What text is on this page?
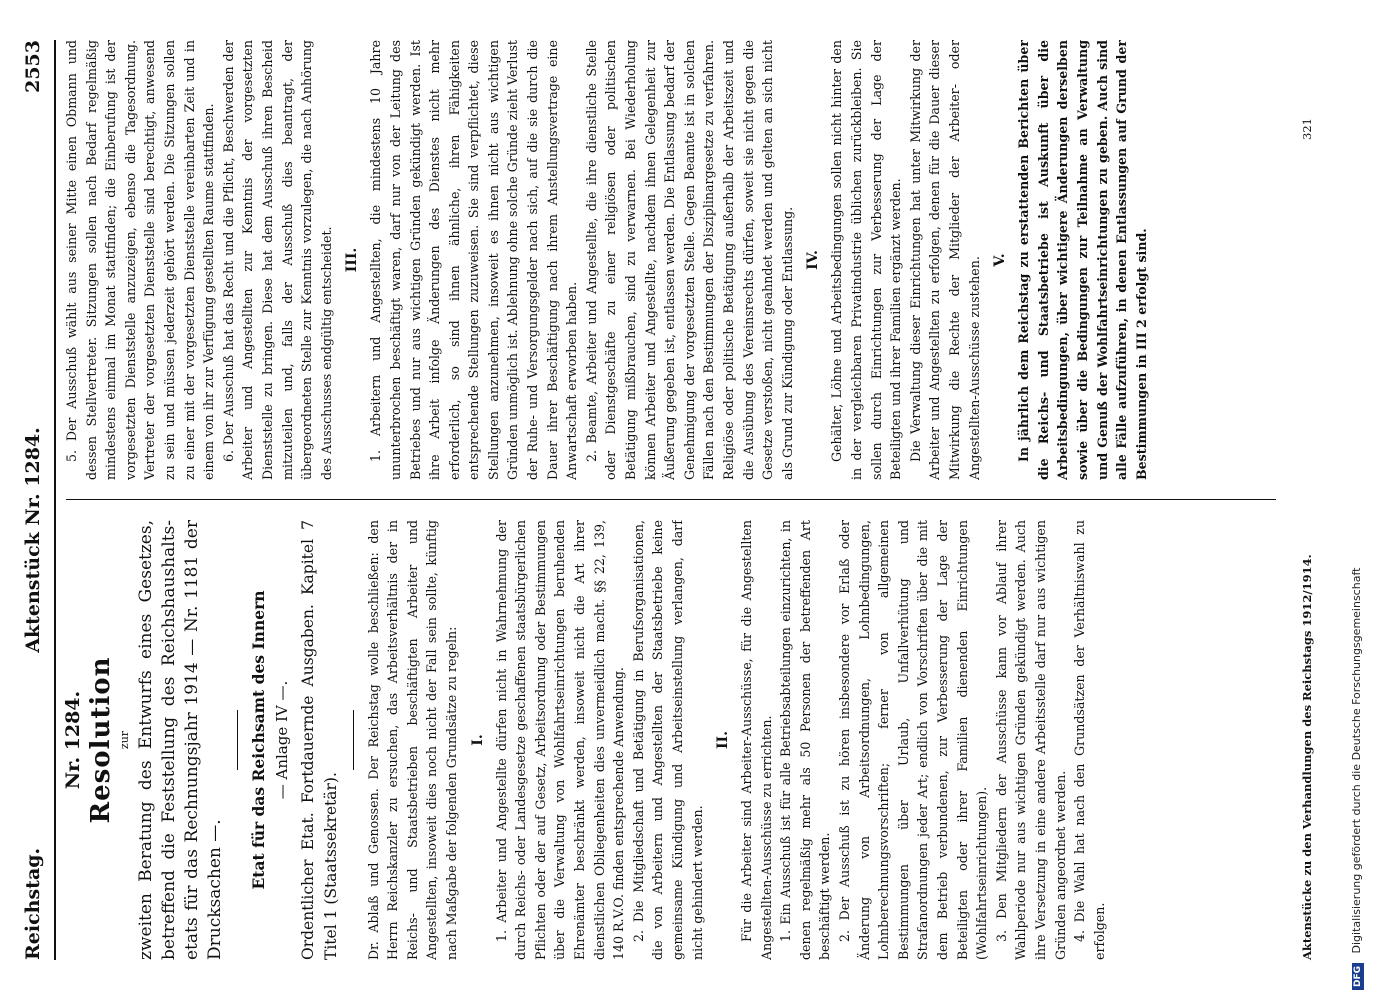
Reichstag.
Aktenstück Nr. 1284.
2553

Nr. 1284. Resolution zur zweiten Beratung des Entwurfs eines Gesetzes, betreffend die Feststellung des Reichshaushalts-etats für das Rechnungsjahr 1914 — Nr. 1181 der Drucksachen —.

Etat für das Reichsamt des Innern — Anlage IV —. Ordentlicher Etat. Fortdauernde Ausgaben. Kapitel 7 Titel 1 (Staatssekretär). Dr. Ablaß und Genossen. Der Reichstag wolle beschließen: den Herrn Reichskanzler zu ersuchen, das Arbeitsverhältnis der in Reichs- und Staatsbetrieben beschäftigten Arbeiter und Angestellten, insoweit dies noch nicht der Fall sein sollte, künftig nach Maßgabe der folgenden Grundsätze zu regeln: I. 1. Arbeiter und Angestellte dürfen nicht in Wahrnehmung der durch Reichs- oder Landesgesetze geschaffenen staatsbürgerlichen Pflichten oder der auf Gesetz, Arbeitsordnung oder Bestimmungen über die Verwaltung von Wohlfahrtseinrichtungen beruhenden Ehrenämter beschränkt werden, insoweit nicht die Art ihrer dienstlichen Obliegenheiten dies unvermeidlich macht. §§ 22, 139, 140 R.V.O. finden entsprechende Anwendung. 2. Die Mitgliedschaft und Betätigung in Berufsorganisationen, die von Arbeitern und Angestellten der Staatsbetriebe keine gemeinsame Kündigung und Arbeitseinstellung verlangen, darf nicht gehindert werden.

II. Für die Arbeiter sind Arbeiter-Ausschüsse, für die Angestellten Angestellten-Ausschüsse zu errichten. 1. Ein Ausschuß ist für alle Betriebsabteilungen einzurichten, in denen regelmäßig mehr als 50 Personen der betreffenden Art beschäftigt werden. 2. Der Ausschuß ist zu hören insbesondere vor Erlaß oder Änderung von Arbeitsordnungen, Lohnbedingungen, Lohnberechnungsvorschriften; ferner von allgemeinen Bestimmungen über Urlaub, Unfallverhütung und Strafanordnungen jeder Art; endlich von Vorschriften über die mit dem Betrieb verbundenen, zur Verbesserung der Lage der Beteiligten oder ihrer Familien dienenden Einrichtungen (Wohlfahrtseinrichtungen). 3. Den Mitgliedern der Ausschüsse kann vor Ablauf ihrer Wahlperiode nur aus wichtigen Gründen gekündigt werden. Auch ihre Versetzung in eine andere Arbeitsstelle darf nur aus wichtigen Gründen angeordnet werden. 4. Die Wahl hat nach den Grundsätzen der Verhältniswahl zu erfolgen.

5. Der Ausschuß wählt aus seiner Mitte einen Obmann und dessen Stellvertreter. Sitzungen sollen nach Bedarf regelmäßig mindestens einmal im Monat stattfinden; die Einberufung ist der vorgesetzten Dienststelle anzuzeigen, ebenso die Tagesordnung. Vertreter der vorgesetzten Dienststelle sind berechtigt, anwesend zu sein und müssen jederzeit gehört werden. Die Sitzungen sollen zu einer mit der vorgesetzten Dienststelle vereinbarten Zeit und in einem von ihr zur Verfügung gestellten Raume stattfinden. 6. Der Ausschuß hat das Recht und die Pflicht, Beschwerden der Arbeiter und Angestellten zur Kenntnis der vorgesetzten Dienststelle zu bringen. Diese hat dem Ausschuß ihren Bescheid mitzuteilen und, falls der Ausschuß dies beantragt, der übergeordneten Stelle zur Kenntnis vorzulegen, die nach Anhörung des Ausschusses endgültig entscheidet. III. 1. Arbeitern und Angestellten, die mindestens 10 Jahre ununterbrochen beschäftigt waren, darf nur von der Leitung des Betriebes und nur aus wichtigen Gründen gekündigt werden. Ist ihre Arbeit infolge Änderungen des Dienstes nicht mehr erforderlich, so sind ihnen ähnliche, ihren Fähigkeiten entsprechende Stellungen zuzuweisen. Sie sind verpflichtet, diese Stellungen anzunehmen, insoweit es ihnen nicht aus wichtigen Gründen unmöglich ist. Ablehnung ohne solche Gründe zieht Verlust der Ruhe- und Versorgungsgelder nach sich, auf die sie durch die Dauer ihrer Beschäftigung nach ihrem Anstellungsvertrage eine Anwartschaft erworben haben. 2. Beamte, Arbeiter und Angestellte, die ihre dienstliche Stelle oder Dienstgeschäfte zu einer religiösen oder politischen Betätigung mißbrauchen, sind zu verwarnen. Bei Wiederholung können Arbeiter und Angestellte, nachdem ihnen Gelegenheit zur Äußerung gegeben ist, entlassen werden. Die Entlassung bedarf der Genehmigung der vorgesetzten Stelle. Gegen Beamte ist in solchen Fällen nach den Bestimmungen der Disziplinargesetze zu verfahren. Religiöse oder politische Betätigung außerhalb der Arbeitszeit und die Ausübung des Vereinsrechts dürfen, soweit sie nicht gegen die Gesetze verstoßen, nicht geahndet werden und gelten an sich nicht als Grund zur Kündigung oder Entlassung. IV. Gehälter, Löhne und Arbeitsbedingungen sollen nicht hinter den in der vergleichbaren Privatindustrie üblichen zurückbleiben. Sie sollen durch Einrichtungen zur Verbesserung der Lage der Beteiligten und ihrer Familien ergänzt werden. Die Verwaltung dieser Einrichtungen hat unter Mitwirkung der Arbeiter und Angestellten zu erfolgen, denen für die Dauer dieser Mitwirkung die Rechte der Mitglieder der Arbeiter- oder Angestellten-Ausschüsse zustehen. V. In jährlich dem Reichstag zu erstattenden Berichten über die Reichs- und Staatsbetriebe ist Auskunft über die Arbeitsbedingungen, über wichtigere Änderungen derselben sowie über die Bedingungen zur Teilnahme an Verwaltung und Genuß der Wohlfahrtseinrichtungen zu geben. Auch sind alle Fälle aufzuführen, in denen Entlassungen auf Grund der Bestimmungen in III 2 erfolgt sind.

Aktenstücke zu den Verhandlungen des Reichstags 1912/1914.
321
DFG Digitalisierung gefördert durch die Deutsche Forschungsgemeinschaft
